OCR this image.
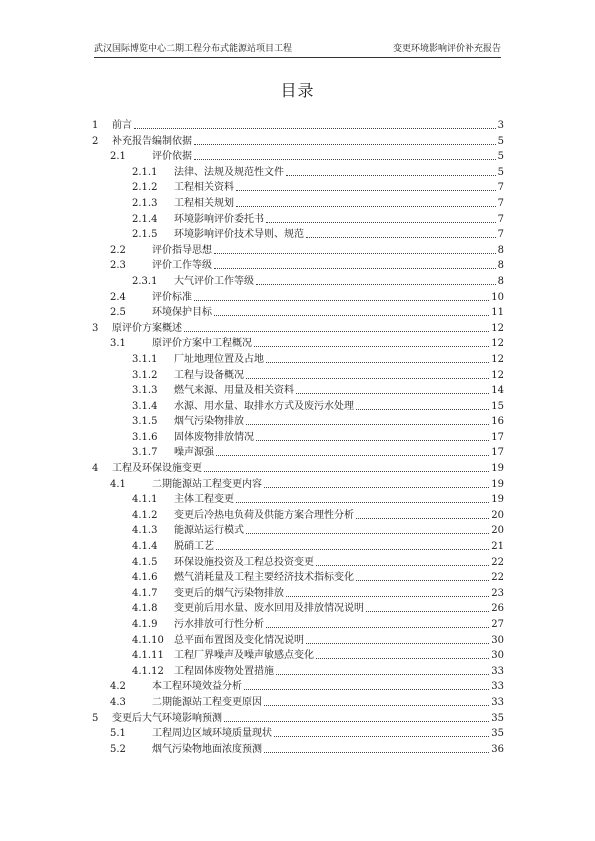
武汉国际博览中心二期工程分布式能源站项目工程	变更环境影响评价补充报告
目录
1 前言	3
2 补充报告编制依据	5
2.1	评价依据	5
2.1.1 法律、法规及规范性文件	5
2.1.2 工程相关资料	7
2.1.3 工程相关规划	7
2.1.4 环境影响评价委托书	7
2.1.5 环境影响评价技术导则、规范	7
2.2	评价指导思想	8
2.3	评价工作等级	8
2.3.1 大气评价工作等级	8
2.4	评价标准	10
2.5	环境保护目标	11
3 原评价方案概述	12
3.1	原评价方案中工程概况	12
3.1.1 厂址地理位置及占地	12
3.1.2 工程与设备概况	12
3.1.3 燃气来源、用量及相关资料	14
3.1.4 水源、用水量、取排水方式及废污水处理	15
3.1.5 烟气污染物排放	16
3.1.6 固体废物排放情况	17
3.1.7 噪声源强	17
4 工程及环保设施变更	19
4.1	二期能源站工程变更内容	19
4.1.1 主体工程变更	19
4.1.2 变更后冷热电负荷及供能方案合理性分析	20
4.1.3 能源站运行模式	20
4.1.4 脱硝工艺	21
4.1.5 环保设施投资及工程总投资变更	22
4.1.6 燃气消耗量及工程主要经济技术指标变化	22
4.1.7 变更后的烟气污染物排放	23
4.1.8 变更前后用水量、废水回用及排放情况说明	26
4.1.9 污水排放可行性分析	27
4.1.10 总平面布置图及变化情况说明	30
4.1.11 工程厂界噪声及噪声敏感点变化	30
4.1.12 工程固体废物处置措施	33
4.2	本工程环境效益分析	33
4.3	二期能源站工程变更原因	33
5 变更后大气环境影响预测	35
5.1	工程周边区域环境质量现状	35
5.2	烟气污染物地面浓度预测	36
